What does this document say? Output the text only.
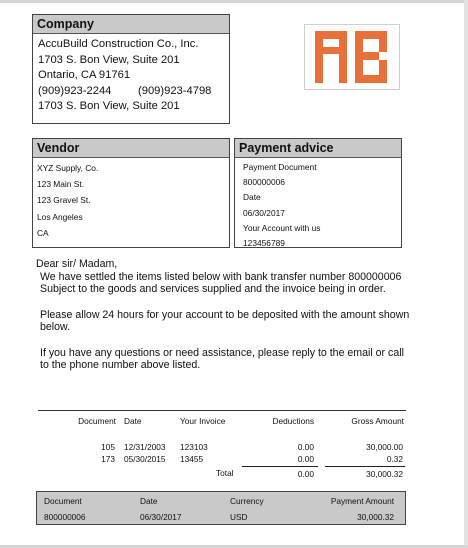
Company
AccuBuild Construction Co., Inc.
1703 S. Bon View, Suite 201
Ontario, CA 91761
(909)923-2244 (909)923-4798
1703 S. Bon View, Suite 201
Vendor
XYZ Supply, Co.
123 Main St.
123 Gravel St.
Los Angeles
CA
Payment advice
Payment Document
800000006
Date
06/30/2017
Your Account with us
123456789

Dear sir/ Madam,

We have settled the items listed below with bank transfer number 800000006 Subject to the goods and services supplied and the invoice being in order.

Please allow 24 hours for your account to be deposited with the amount shown below.

If you have any questions or need assistance, please reply to the email or call to the phone number above listed.

Document Date	Your Invoice	Deductions	Gross Amount
105 12/31/2003 123103	0.00	30,000.00
173 05/30/2015 13455	0.00	0.32
Total	0.00	30,000.32
Document	Date	Currency	Payment Amount
800000006	06/30/2017	USD	30,000.32
